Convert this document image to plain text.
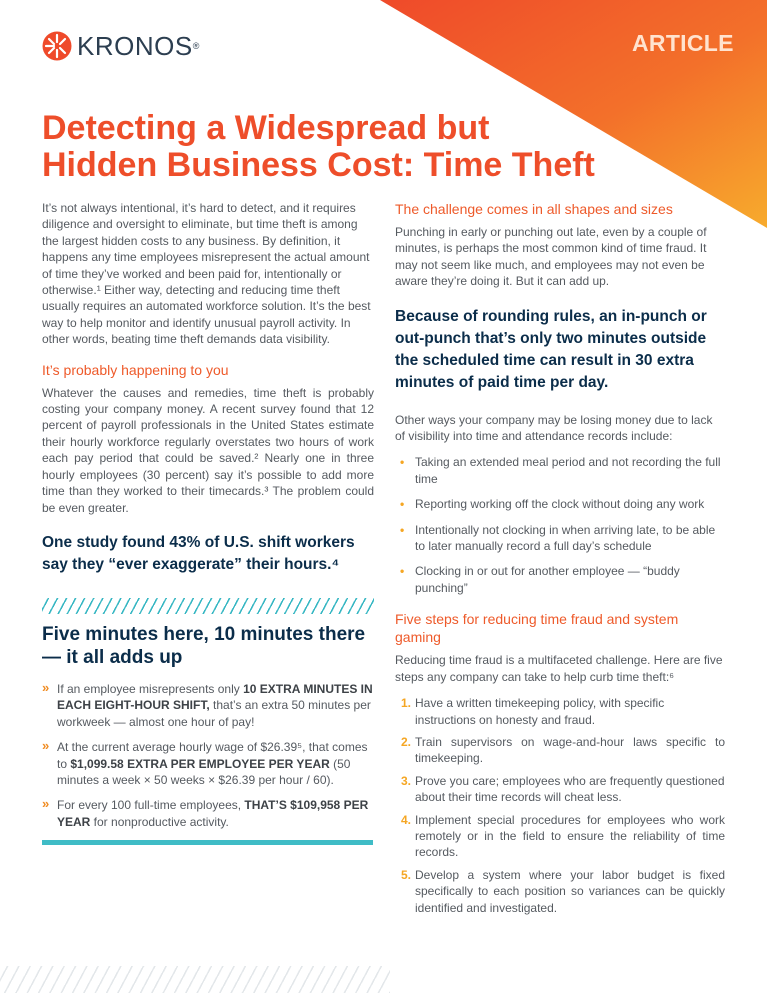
KRONOS®	ARTICLE
Detecting a Widespread but
Hidden Business Cost: Time Theft

It’s not always intentional, it’s hard to detect, and it requires diligence and oversight to eliminate, but time theft is among the largest hidden costs to any business. By definition, it happens any time employees misrepresent the actual amount of time they’ve worked and been paid for, intentionally or otherwise.¹ Either way, detecting and reducing time theft usually requires an automated workforce solution. It’s the best way to help monitor and identify unusual payroll activity. In other words, beating time theft demands data visibility.

It’s probably happening to you

Whatever the causes and remedies, time theft is probably costing your company money. A recent survey found that 12 percent of payroll professionals in the United States estimate their hourly workforce regularly overstates two hours of work each pay period that could be saved.² Nearly one in three hourly employees (30 percent) say it’s possible to add more time than they worked to their timecards.³ The problem could be even greater.

One study found 43% of U.S. shift workers say they “ever exaggerate” their hours.⁴

Five minutes here, 10 minutes there — it all adds up

» If an employee misrepresents only 10 EXTRA MINUTES IN EACH EIGHT-HOUR SHIFT, that’s an extra 50 minutes per workweek — almost one hour of pay!
» At the current average hourly wage of $26.39⁵, that comes to $1,099.58 EXTRA PER EMPLOYEE PER YEAR (50 minutes a week × 50 weeks × $26.39 per hour / 60).
» For every 100 full-time employees, THAT’S $109,958 PER YEAR for nonproductive activity.

The challenge comes in all shapes and sizes

Punching in early or punching out late, even by a couple of minutes, is perhaps the most common kind of time fraud. It may not seem like much, and employees may not even be aware they’re doing it. But it can add up.

Because of rounding rules, an in-punch or out-punch that’s only two minutes outside the scheduled time can result in 30 extra minutes of paid time per day.

Other ways your company may be losing money due to lack of visibility into time and attendance records include:

• Taking an extended meal period and not recording the full time
• Reporting working off the clock without doing any work
• Intentionally not clocking in when arriving late, to be able to later manually record a full day’s schedule
• Clocking in or out for another employee — “buddy punching”

Five steps for reducing time fraud and system gaming

Reducing time fraud is a multifaceted challenge. Here are five steps any company can take to help curb time theft:⁶

1. Have a written timekeeping policy, with specific instructions on honesty and fraud.
2. Train supervisors on wage-and-hour laws specific to timekeeping.
3. Prove you care; employees who are frequently questioned about their time records will cheat less.
4. Implement special procedures for employees who work remotely or in the field to ensure the reliability of time records.
5. Develop a system where your labor budget is fixed specifically to each position so variances can be quickly identified and investigated.
